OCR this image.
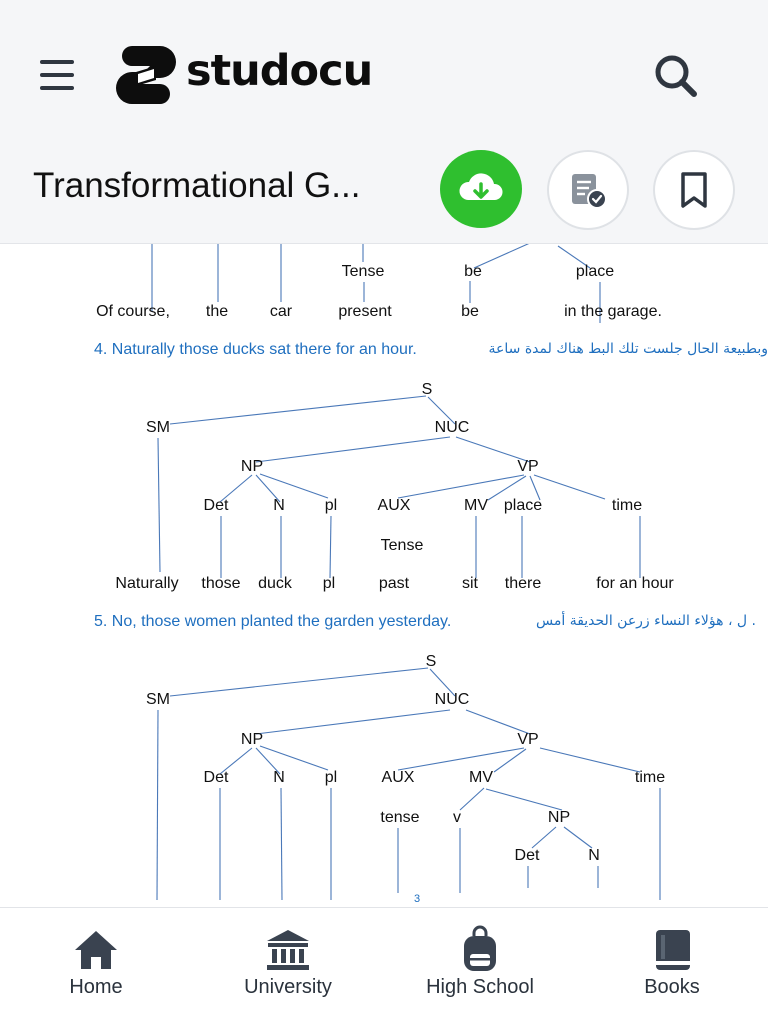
Tense	be	place
Of course, the	car	present	be	in the garage.
4. Naturally those ducks sat there for an hour.	وبطبيعة الحال جلست تلك البط هناك لمدة ساعة
S
SM	NUC
NP	VP
Det	N pl	AUX	MV place	time
Tense
Naturally those duck pl	past	sit there	for an hour
5. No, those women planted the garden yesterday.	. ل ، هؤلاء النساء زرعن الحديقة أمس
S
SM	NUC
NP	VP
Det	N pl	AUX	MV	time
tense v	NP
Det	N
3
studocu
Transformational G...
Home	University	High School	Books
